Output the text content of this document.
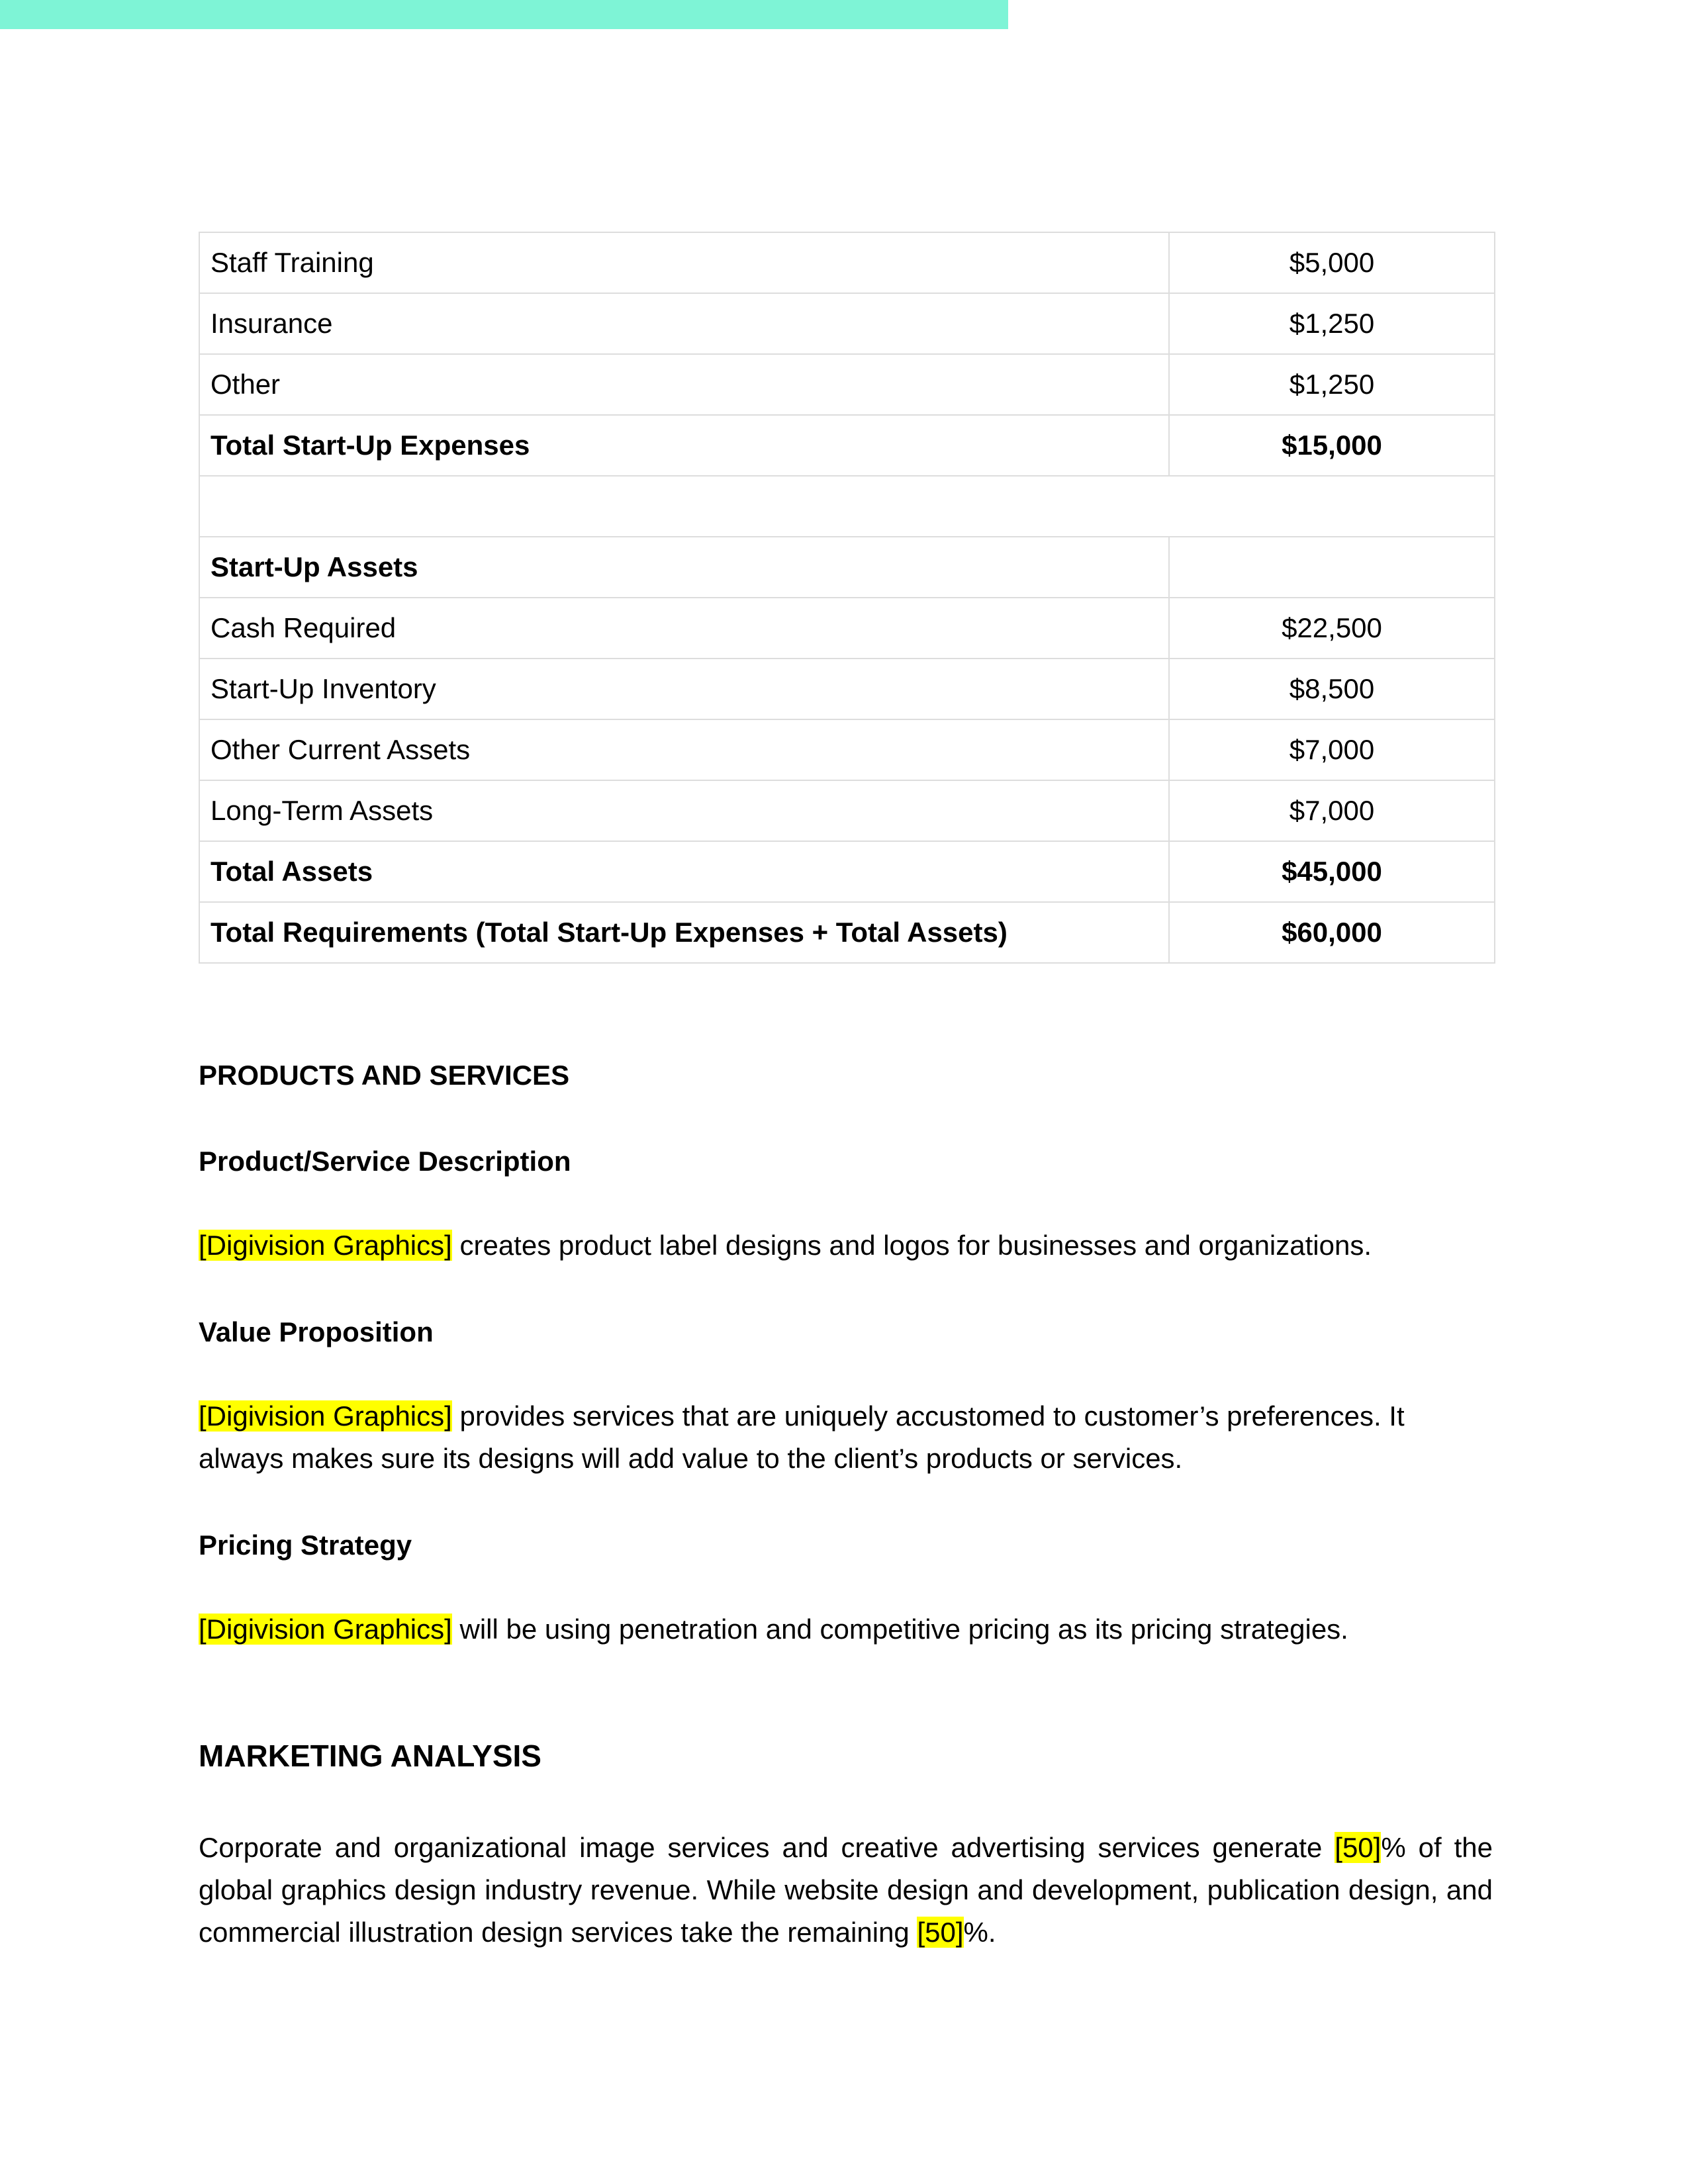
Staff Training	$5,000
Insurance	$1,250
Other	$1,250
Total Start-Up Expenses	$15,000

Start-Up Assets	
Cash Required	$22,500
Start-Up Inventory	$8,500
Other Current Assets	$7,000
Long-Term Assets	$7,000
Total Assets	$45,000
Total Requirements (Total Start-Up Expenses + Total Assets)	$60,000
PRODUCTS AND SERVICES
Product/Service Description

[Digivision Graphics] creates product label designs and logos for businesses and organizations.

Value Proposition

[Digivision Graphics] provides services that are uniquely accustomed to customer’s preferences. It always makes sure its designs will add value to the client’s products or services.

Pricing Strategy

[Digivision Graphics] will be using penetration and competitive pricing as its pricing strategies.

MARKETING ANALYSIS

Corporate and organizational image services and creative advertising services generate [50]% of the global graphics design industry revenue. While website design and development, publication design, and commercial illustration design services take the remaining [50]%.
